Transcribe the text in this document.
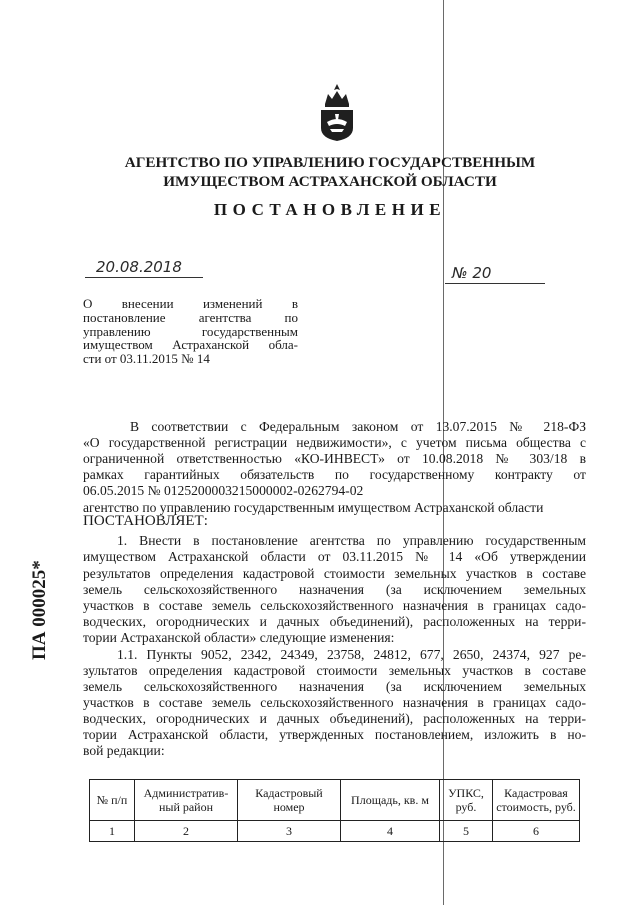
АГЕНТСТВО ПО УПРАВЛЕНИЮ ГОСУДАРСТВЕННЫМ
ИМУЩЕСТВОМ АСТРАХАНСКОЙ ОБЛАСТИ
ПОСТАНОВЛЕНИЕ
20.08.2018	№ 20
О внесении изменений в
постановление агентства по
управлению государственным
имуществом Астраханской обла-
сти от 03.11.2015 № 14
В соответствии с Федеральным законом от 13.07.2015 № 218-ФЗ
«О государственной регистрации недвижимости», с учетом письма общества с
ограниченной ответственностью «КО-ИНВЕСТ» от 10.08.2018 № 303/18 в
рамках гарантийных обязательств по государственному контракту от
06.05.2015 № 0125200003215000002-0262794-02
агентство по управлению государственным имуществом Астраханской области
ПОСТАНОВЛЯЕТ:
1. Внести в постановление агентства по управлению государственным
имуществом Астраханской области от 03.11.2015 № 14 «Об утверждении
результатов определения кадастровой стоимости земельных участков в составе
земель сельскохозяйственного назначения (за исключением земельных
участков в составе земель сельскохозяйственного назначения в границах садо-
водческих, огороднических и дачных объединений), расположенных на терри-
тории Астраханской области» следующие изменения:
1.1. Пункты 9052, 2342, 24349, 23758, 24812, 677, 2650, 24374, 927 ре-
зультатов определения кадастровой стоимости земельных участков в составе
земель сельскохозяйственного назначения (за исключением земельных
участков в составе земель сельскохозяйственного назначения в границах садо-
водческих, огороднических и дачных объединений), расположенных на терри-
тории Астраханской области, утвержденных постановлением, изложить в но-
вой редакции:
№ п/п	Административ-ный район	Кадастровый номер	Площадь, кв. м	УПКС, руб.	Кадастровая стоимость, руб.
1	2	3	4	5	6
ПА 000025*
